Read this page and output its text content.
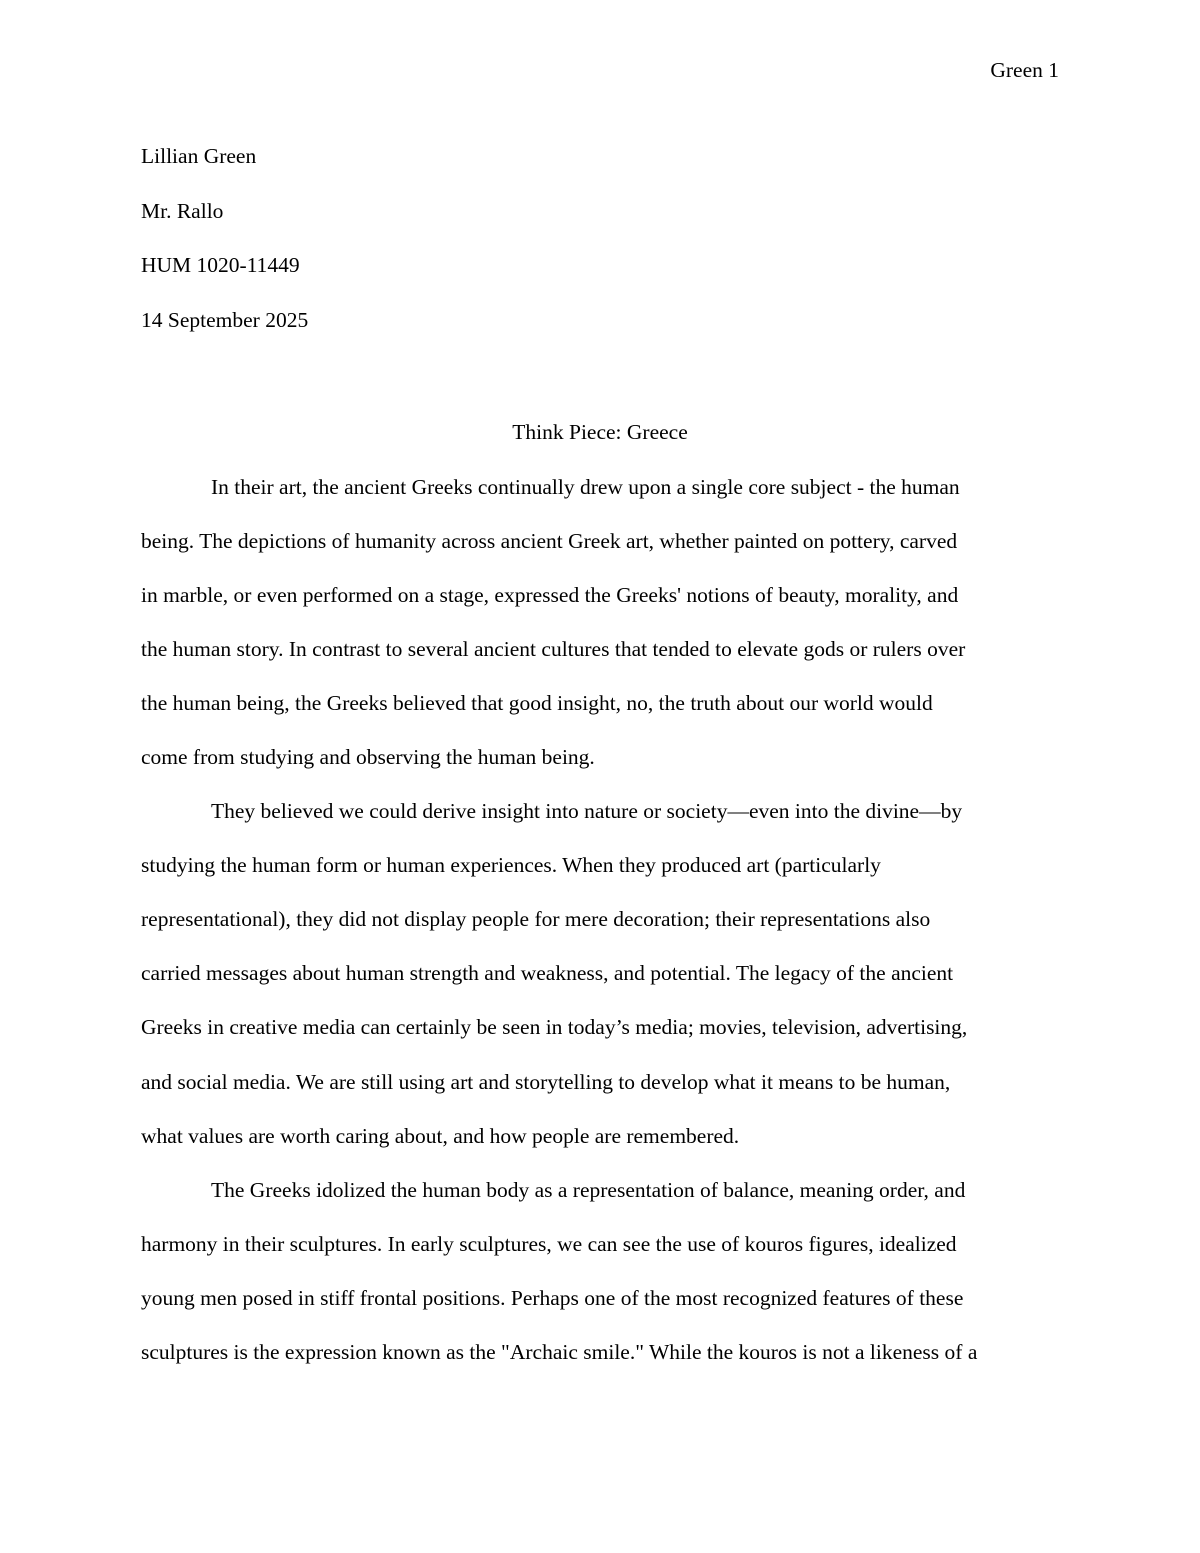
Green 1
Lillian Green
Mr. Rallo
HUM 1020-11449
14 September 2025
Think Piece: Greece
In their art, the ancient Greeks continually drew upon a single core subject - the human
being. The depictions of humanity across ancient Greek art, whether painted on pottery, carved
in marble, or even performed on a stage, expressed the Greeks' notions of beauty, morality, and
the human story. In contrast to several ancient cultures that tended to elevate gods or rulers over
the human being, the Greeks believed that good insight, no, the truth about our world would
come from studying and observing the human being.
They believed we could derive insight into nature or society—even into the divine—by
studying the human form or human experiences. When they produced art (particularly
representational), they did not display people for mere decoration; their representations also
carried messages about human strength and weakness, and potential. The legacy of the ancient
Greeks in creative media can certainly be seen in today’s media; movies, television, advertising,
and social media. We are still using art and storytelling to develop what it means to be human,
what values are worth caring about, and how people are remembered.
The Greeks idolized the human body as a representation of balance, meaning order, and
harmony in their sculptures. In early sculptures, we can see the use of kouros figures, idealized
young men posed in stiff frontal positions. Perhaps one of the most recognized features of these
sculptures is the expression known as the "Archaic smile." While the kouros is not a likeness of a
